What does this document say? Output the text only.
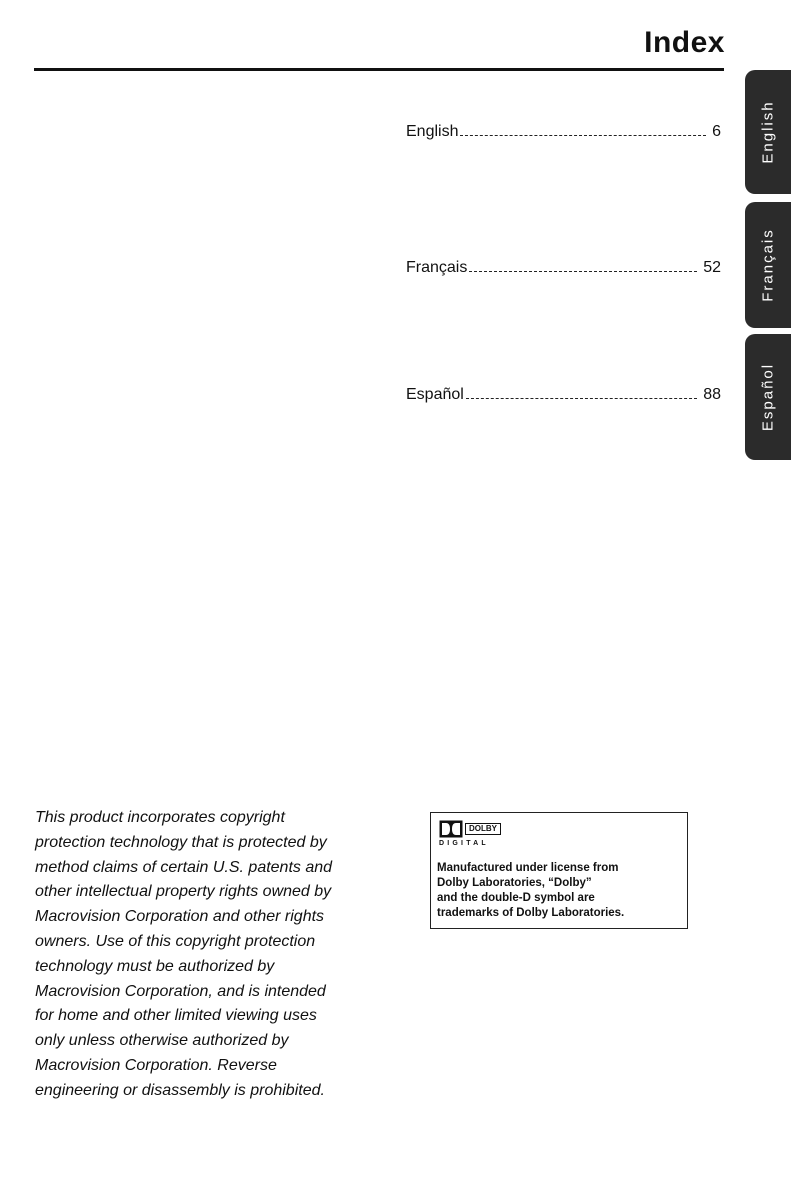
Index
English	6
Français	52
Español	88
English
Français
Español
This product incorporates copyright
protection technology that is protected by
method claims of certain U.S. patents and
other intellectual property rights owned by
Macrovision Corporation and other rights
owners. Use of this copyright protection
technology must be authorized by
Macrovision Corporation, and is intended
for home and other limited viewing uses
only unless otherwise authorized by
Macrovision Corporation. Reverse
engineering or disassembly is prohibited.
DOLBY
DIGITAL
Manufactured under license from
Dolby Laboratories, “Dolby”
and the double-D symbol are
trademarks of Dolby Laboratories.
